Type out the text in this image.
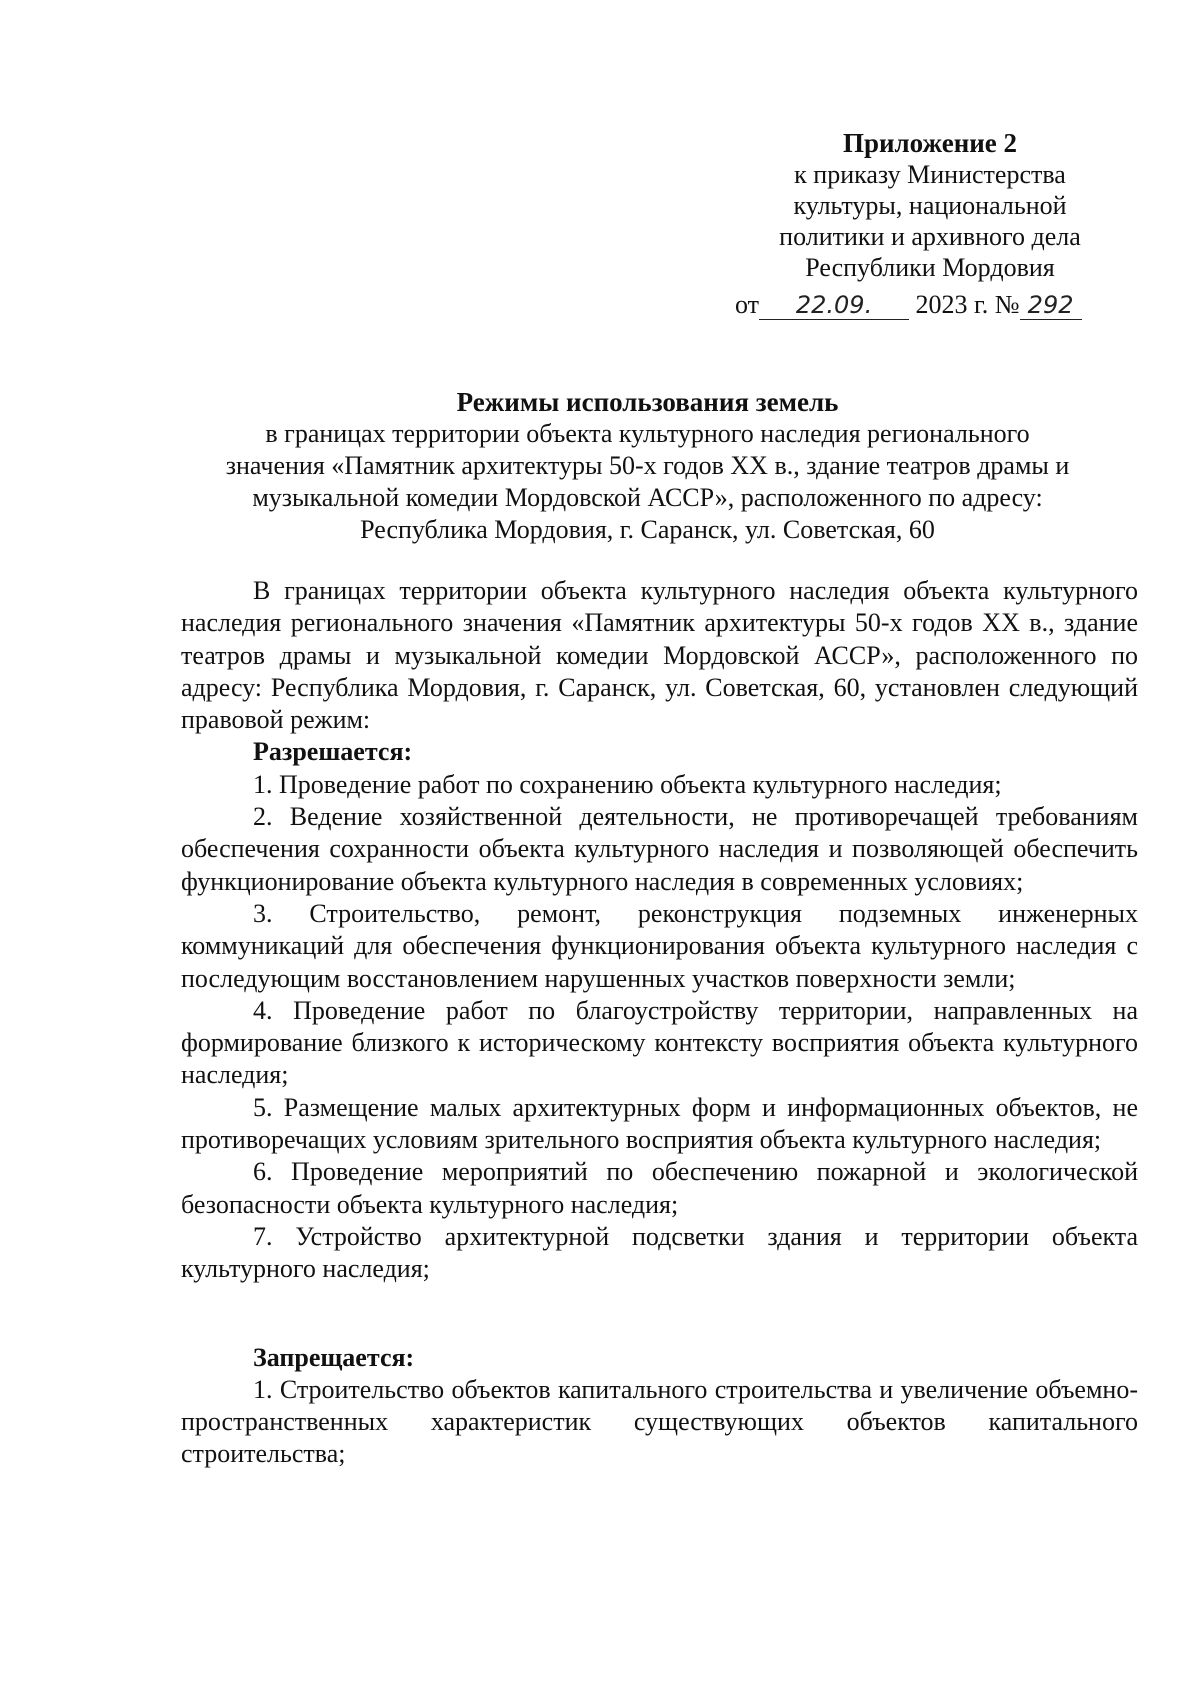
Приложение 2
к приказу Министерства
культуры, национальной
политики и архивного дела
Республики Мордовия
от 22.09. 2023 г. № 292
Режимы использования земель
в границах территории объекта культурного наследия регионального
значения «Памятник архитектуры 50-х годов XX в., здание театров драмы и
музыкальной комедии Мордовской АССР», расположенного по адресу:
Республика Мордовия, г. Саранск, ул. Советская, 60

В границах территории объекта культурного наследия объекта культурного наследия регионального значения «Памятник архитектуры 50-х годов XX в., здание театров драмы и музыкальной комедии Мордовской АССР», расположенного по адресу: Республика Мордовия, г. Саранск, ул. Советская, 60, установлен следующий правовой режим:

Разрешается:

1. Проведение работ по сохранению объекта культурного наследия;

2. Ведение хозяйственной деятельности, не противоречащей требованиям обеспечения сохранности объекта культурного наследия и позволяющей обеспечить функционирование объекта культурного наследия в современных условиях;

3. Строительство, ремонт, реконструкция подземных инженерных коммуникаций для обеспечения функционирования объекта культурного наследия с последующим восстановлением нарушенных участков поверхности земли;

4. Проведение работ по благоустройству территории, направленных на формирование близкого к историческому контексту восприятия объекта культурного наследия;

5. Размещение малых архитектурных форм и информационных объектов, не противоречащих условиям зрительного восприятия объекта культурного наследия;

6. Проведение мероприятий по обеспечению пожарной и экологической безопасности объекта культурного наследия;

7. Устройство архитектурной подсветки здания и территории объекта культурного наследия;

Запрещается:

1. Строительство объектов капитального строительства и увеличение объемно-пространственных характеристик существующих объектов капитального строительства;
